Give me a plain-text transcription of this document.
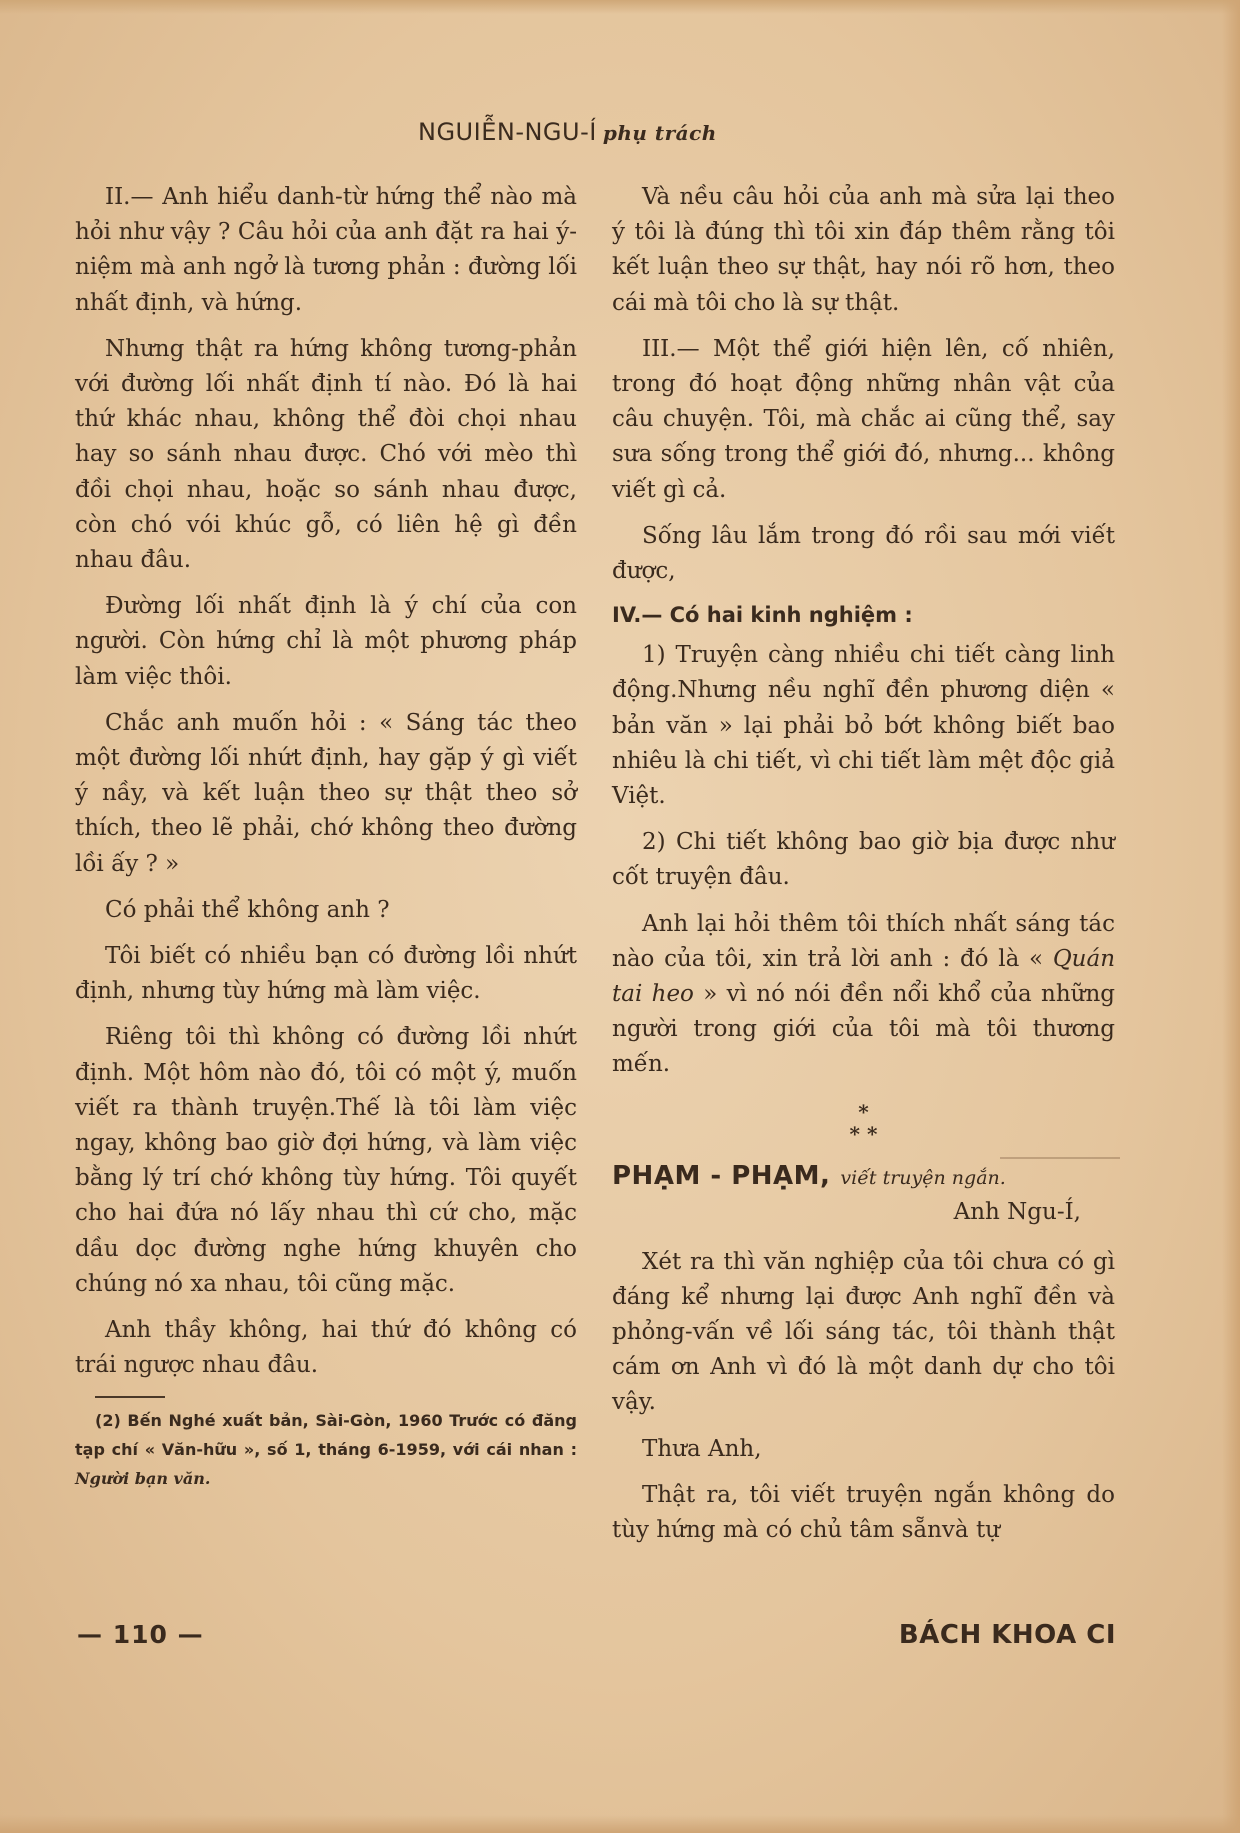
NGUIỄN-NGU-Í phụ trách

II.— Anh hiểu danh-từ hứng thể nào mà hỏi như vậy ? Câu hỏi của anh đặt ra hai ý-niệm mà anh ngở là tương phản : đường lối nhất định, và hứng.

Nhưng thật ra hứng không tương-phản với đường lối nhất định tí nào. Đó là hai thứ khác nhau, không thể đòi chọi nhau hay so sánh nhau được. Chó với mèo thì đồi chọi nhau, hoặc so sánh nhau được, còn chó vói khúc gỗ, có liên hệ gì đền nhau đâu.

Đường lối nhất định là ý chí của con người. Còn hứng chỉ là một phương pháp làm việc thôi.

Chắc anh muốn hỏi : « Sáng tác theo một đường lối nhứt định, hay gặp ý gì viết ý nầy, và kết luận theo sự thật theo sở thích, theo lẽ phải, chớ không theo đường lồi ấy ? »

Có phải thể không anh ?

Tôi biết có nhiều bạn có đường lồi nhứt định, nhưng tùy hứng mà làm việc.

Riêng tôi thì không có đường lồi nhứt định. Một hôm nào đó, tôi có một ý, muốn viết ra thành truyện.Thế là tôi làm việc ngay, không bao giờ đợi hứng, và làm việc bằng lý trí chớ không tùy hứng. Tôi quyết cho hai đứa nó lấy nhau thì cứ cho, mặc dầu dọc đường nghe hứng khuyên cho chúng nó xa nhau, tôi cũng mặc.

Anh thầy không, hai thứ đó không có trái ngược nhau đâu.

(2) Bến Nghé xuất bản, Sài-Gòn, 1960 Trước có đăng tạp chí « Văn-hữu », số 1, tháng 6-1959, với cái nhan : Người bạn văn.

Và nều câu hỏi của anh mà sửa lại theo ý tôi là đúng thì tôi xin đáp thêm rằng tôi kết luận theo sự thật, hay nói rõ hơn, theo cái mà tôi cho là sự thật.

III.— Một thể giới hiện lên, cố nhiên, trong đó hoạt động những nhân vật của câu chuyện. Tôi, mà chắc ai cũng thể, say sưa sống trong thể giới đó, nhưng... không viết gì cả.

Sống lâu lắm trong đó rồi sau mới viết được,

IV.— Có hai kinh nghiệm :

1) Truyện càng nhiều chi tiết càng linh động.Nhưng nều nghĩ đền phương diện « bản văn » lại phải bỏ bớt không biết bao nhiêu là chi tiết, vì chi tiết làm mệt độc giả Việt.

2) Chi tiết không bao giờ bịa được như cốt truyện đâu.

Anh lại hỏi thêm tôi thích nhất sáng tác nào của tôi, xin trả lời anh : đó là « Quán tai heo » vì nó nói đền nổi khổ của những người trong giới của tôi mà tôi thương mến.

*
* *
PHẠM - PHẠM, viết truyện ngắn.
Anh Ngu-Í,

Xét ra thì văn nghiệp của tôi chưa có gì đáng kể nhưng lại được Anh nghĩ đền và phỏng-vấn về lối sáng tác, tôi thành thật cám ơn Anh vì đó là một danh dự cho tôi vậy.

Thưa Anh,

Thật ra, tôi viết truyện ngắn không do tùy hứng mà có chủ tâm sẵnvà tự

— 110 —	BÁCH KHOA CI
